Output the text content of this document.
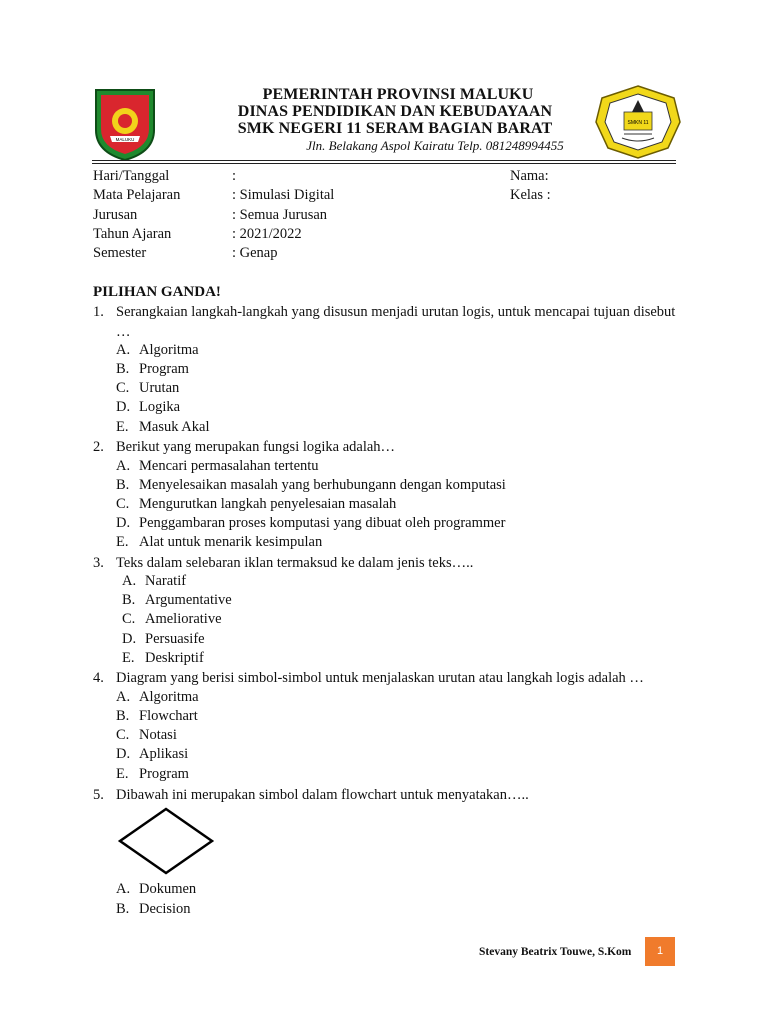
MALUKU
SMKN 11
PEMERINTAH PROVINSI MALUKU
DINAS PENDIDIKAN DAN KEBUDAYAAN
SMK NEGERI 11 SERAM BAGIAN BARAT
Jln. Belakang Aspol Kairatu Telp. 081248994455
Hari/Tanggal	:	Nama:
Mata Pelajaran	: Simulasi Digital	Kelas :
Jurusan	: Semua Jurusan
Tahun Ajaran	: 2021/2022
Semester	: Genap
PILIHAN GANDA!
1. Serangkaian langkah-langkah yang disusun menjadi urutan logis, untuk mencapai tujuan disebut …
A. Algoritma
B. Program
C. Urutan
D. Logika
E. Masuk Akal
2. Berikut yang merupakan fungsi logika adalah…
A. Mencari permasalahan tertentu
B. Menyelesaikan masalah yang berhubungann dengan komputasi
C. Mengurutkan langkah penyelesaian masalah
D. Penggambaran proses komputasi yang dibuat oleh programmer
E. Alat untuk menarik kesimpulan
3. Teks dalam selebaran iklan termaksud ke dalam jenis teks…..
A. Naratif
B. Argumentative
C. Ameliorative
D. Persuasife
E. Deskriptif
4. Diagram yang berisi simbol-simbol untuk menjalaskan urutan atau langkah logis adalah …
A. Algoritma
B. Flowchart
C. Notasi
D. Aplikasi
E. Program
5. Dibawah ini merupakan simbol dalam flowchart untuk menyatakan…..
A. Dokumen
B. Decision
Stevany Beatrix Touwe, S.Kom	1
